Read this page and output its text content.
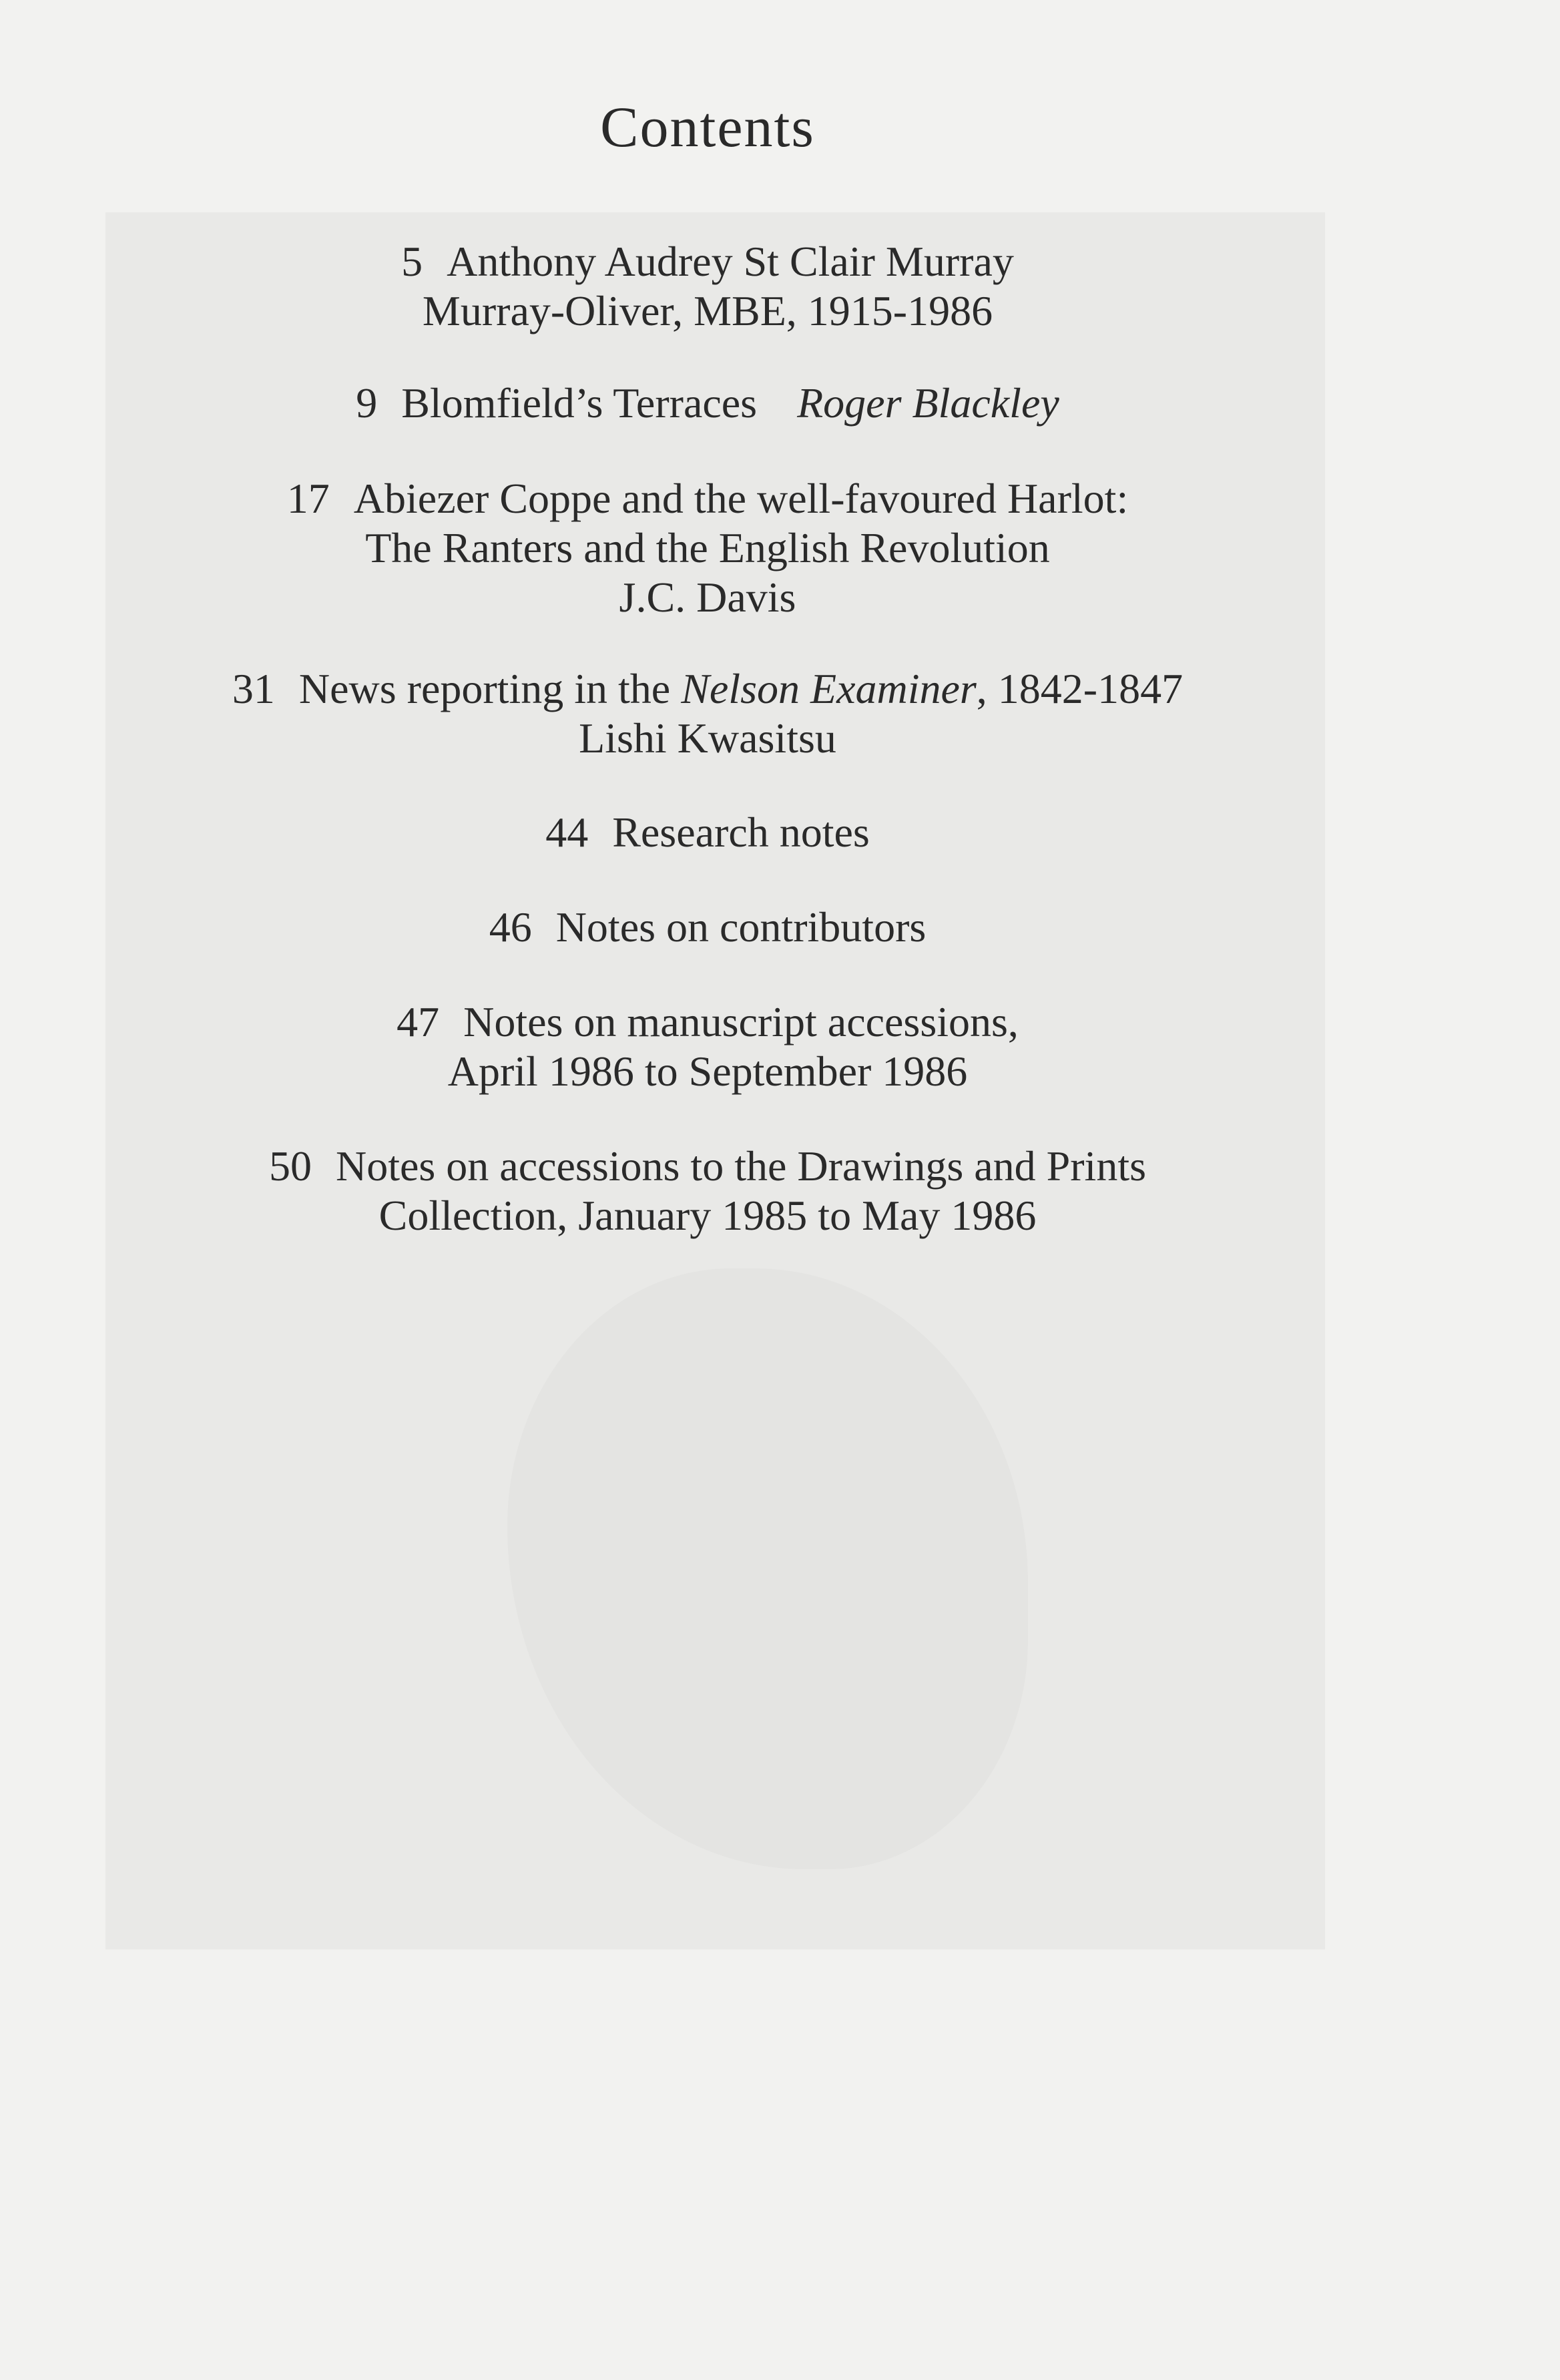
Contents

5 Anthony Audrey St Clair Murray

Murray-Oliver, MBE, 1915-1986

9 Blomfield’s Terraces Roger Blackley

17 Abiezer Coppe and the well-favoured Harlot:

The Ranters and the English Revolution

J.C. Davis

31 News reporting in the Nelson Examiner, 1842-1847

Lishi Kwasitsu

44 Research notes

46 Notes on contributors

47 Notes on manuscript accessions,

April 1986 to September 1986

50 Notes on accessions to the Drawings and Prints

Collection, January 1985 to May 1986
